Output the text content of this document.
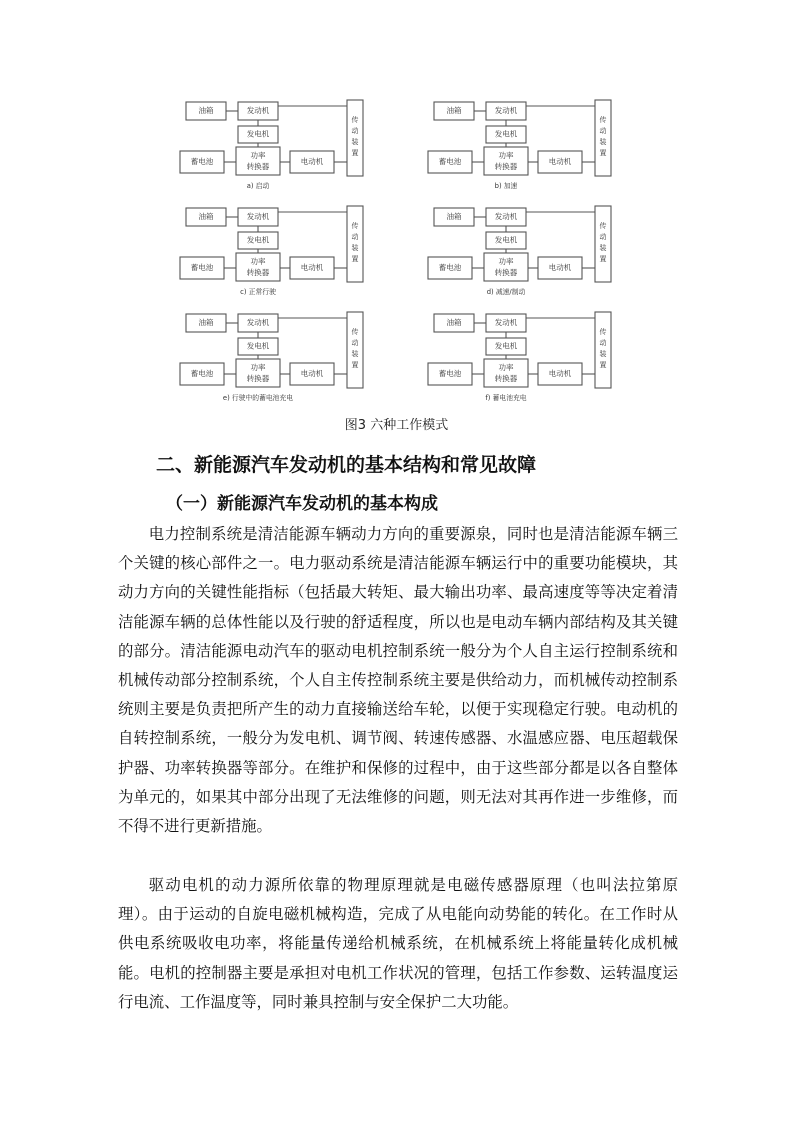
油箱	发动机
发电机
蓄电池
功率
转换器
电动机
传
动
装
置
a) 启动
油箱	发动机
发电机
蓄电池
功率
转换器
电动机
传
动
装
置
b) 加速
油箱	发动机
发电机
蓄电池
功率
转换器
电动机
传
动
装
置
c) 正常行驶
油箱	发动机
发电机
蓄电池
功率
转换器
电动机
传
动
装
置
d) 减速/制动
油箱	发动机
发电机
蓄电池
功率
转换器
电动机
传
动
装
置
e) 行驶中的蓄电池充电
油箱	发动机
发电机
蓄电池
功率
转换器
电动机
传
动
装
置
f) 蓄电池充电
图3 六种工作模式
二、新能源汽车发动机的基本结构和常见故障
（一）新能源汽车发动机的基本构成

电力控制系统是清洁能源车辆动力方向的重要源泉，同时也是清洁能源车辆三个关键的核心部件之一。电力驱动系统是清洁能源车辆运行中的重要功能模块，其动力方向的关键性能指标（包括最大转矩、最大输出功率、最高速度等等决定着清洁能源车辆的总体性能以及行驶的舒适程度，所以也是电动车辆内部结构及其关键的部分。清洁能源电动汽车的驱动电机控制系统一般分为个人自主运行控制系统和机械传动部分控制系统，个人自主传控制系统主要是供给动力，而机械传动控制系统则主要是负责把所产生的动力直接输送给车轮，以便于实现稳定行驶。电动机的自转控制系统，一般分为发电机、调节阀、转速传感器、水温感应器、电压超载保护器、功率转换器等部分。在维护和保修的过程中，由于这些部分都是以各自整体为单元的，如果其中部分出现了无法维修的问题，则无法对其再作进一步维修，而不得不进行更新措施。

驱动电机的动力源所依靠的物理原理就是电磁传感器原理（也叫法拉第原理）。由于运动的自旋电磁机械构造，完成了从电能向动势能的转化。在工作时从供电系统吸收电功率，将能量传递给机械系统，在机械系统上将能量转化成机械能。电机的控制器主要是承担对电机工作状况的管理，包括工作参数、运转温度运行电流、工作温度等，同时兼具控制与安全保护二大功能。
